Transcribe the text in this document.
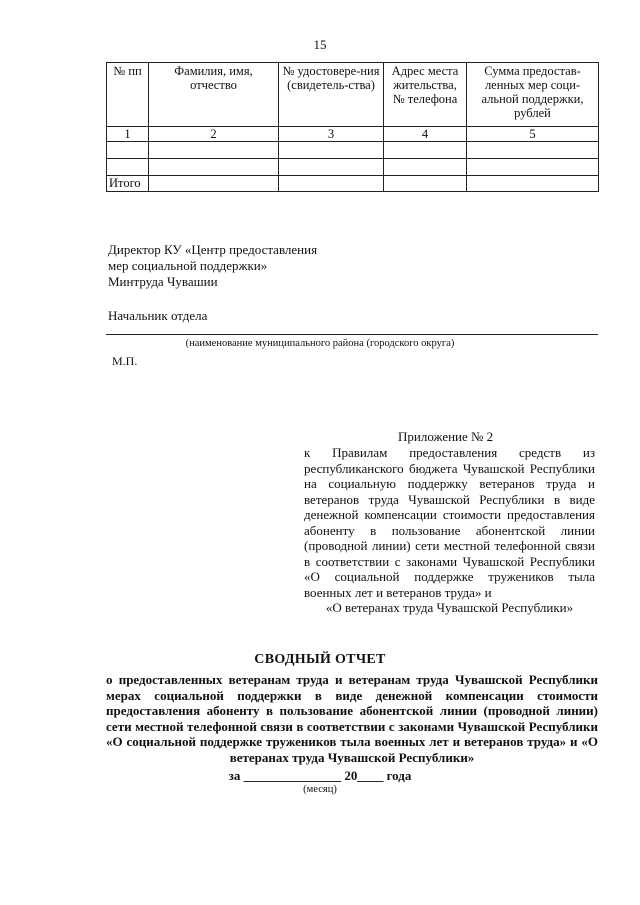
15
№ пп	Фамилия, имя, отчество	№ удостовере-ния (свидетель-ства)	Адрес места жительства, № телефона	Сумма предостав-ленных мер соци-альной поддержки, рублей
1	2	3	4	5

Итого				
Директор КУ «Центр предоставления
мер социальной поддержки»
Минтруда Чувашии
Начальник отдела
(наименование муниципального района (городского округа)
М.П.
Приложение № 2
к Правилам предоставления средств из республиканского бюджета Чувашской Республики на социальную поддержку ветеранов труда и ветеранов труда Чувашской Республики в виде денежной компенсации стоимости предоставления абоненту в пользование абонентской линии (проводной линии) сети местной телефонной связи в соответствии с законами Чувашской Республики «О социальной поддержке тружеников тыла военных лет и ветеранов труда» и
«О ветеранах труда Чувашской Республики»
СВОДНЫЙ ОТЧЕТ
о предоставленных ветеранам труда и ветеранам труда Чувашской Республики мерах социальной поддержки в виде денежной компенсации стоимости предоставления абоненту в пользование абонентской линии (проводной линии) сети местной телефонной связи в соответствии с законами Чувашской Республики «О социальной поддержке тружеников тыла военных лет и ветеранов труда» и «О ветеранах труда Чувашской Республики»
за _______________ 20____ года
(месяц)
